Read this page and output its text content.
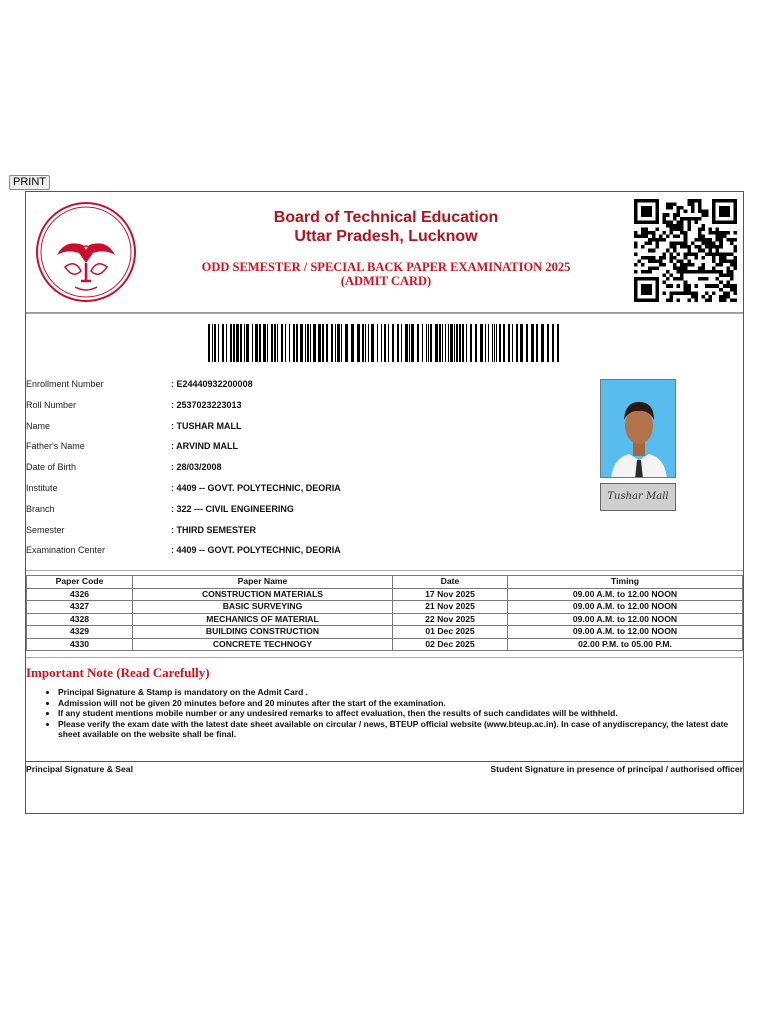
PRINT
Board of Technical Education
Uttar Pradesh, Lucknow
ODD SEMESTER / SPECIAL BACK PAPER EXAMINATION 2025
(ADMIT CARD)
Enrollment Number	: E24440932200008
Roll Number	: 2537023223013
Name	: TUSHAR MALL
Father's Name	: ARVIND MALL
Date of Birth	: 28/03/2008
Institute	: 4409 -- GOVT. POLYTECHNIC, DEORIA
Branch	: 322 --- CIVIL ENGINEERING
Semester	: THIRD SEMESTER
Examination Center	: 4409 -- GOVT. POLYTECHNIC, DEORIA
Tushar Mall
Paper Code	Paper Name	Date	Timing
4326	CONSTRUCTION MATERIALS	17 Nov 2025	09.00 A.M. to 12.00 NOON
4327	BASIC SURVEYING	21 Nov 2025	09.00 A.M. to 12.00 NOON
4328	MECHANICS OF MATERIAL	22 Nov 2025	09.00 A.M. to 12.00 NOON
4329	BUILDING CONSTRUCTION	01 Dec 2025	09.00 A.M. to 12.00 NOON
4330	CONCRETE TECHNOGY	02 Dec 2025	02.00 P.M. to 05.00 P.M.
Important Note (Read Carefully)
• Principal Signature & Stamp is mandatory on the Admit Card .
• Admission will not be given 20 minutes before and 20 minutes after the start of the examination.
• If any student mentions mobile number or any undesired remarks to affect evaluation, then the results of such candidates will be withheld.
• Please verify the exam date with the latest date sheet available on circular / news, BTEUP official website (www.bteup.ac.in). In case of anydiscrepancy, the latest date sheet available on the website shall be final.
Principal Signature & Seal	Student Signature in presence of principal / authorised officer
